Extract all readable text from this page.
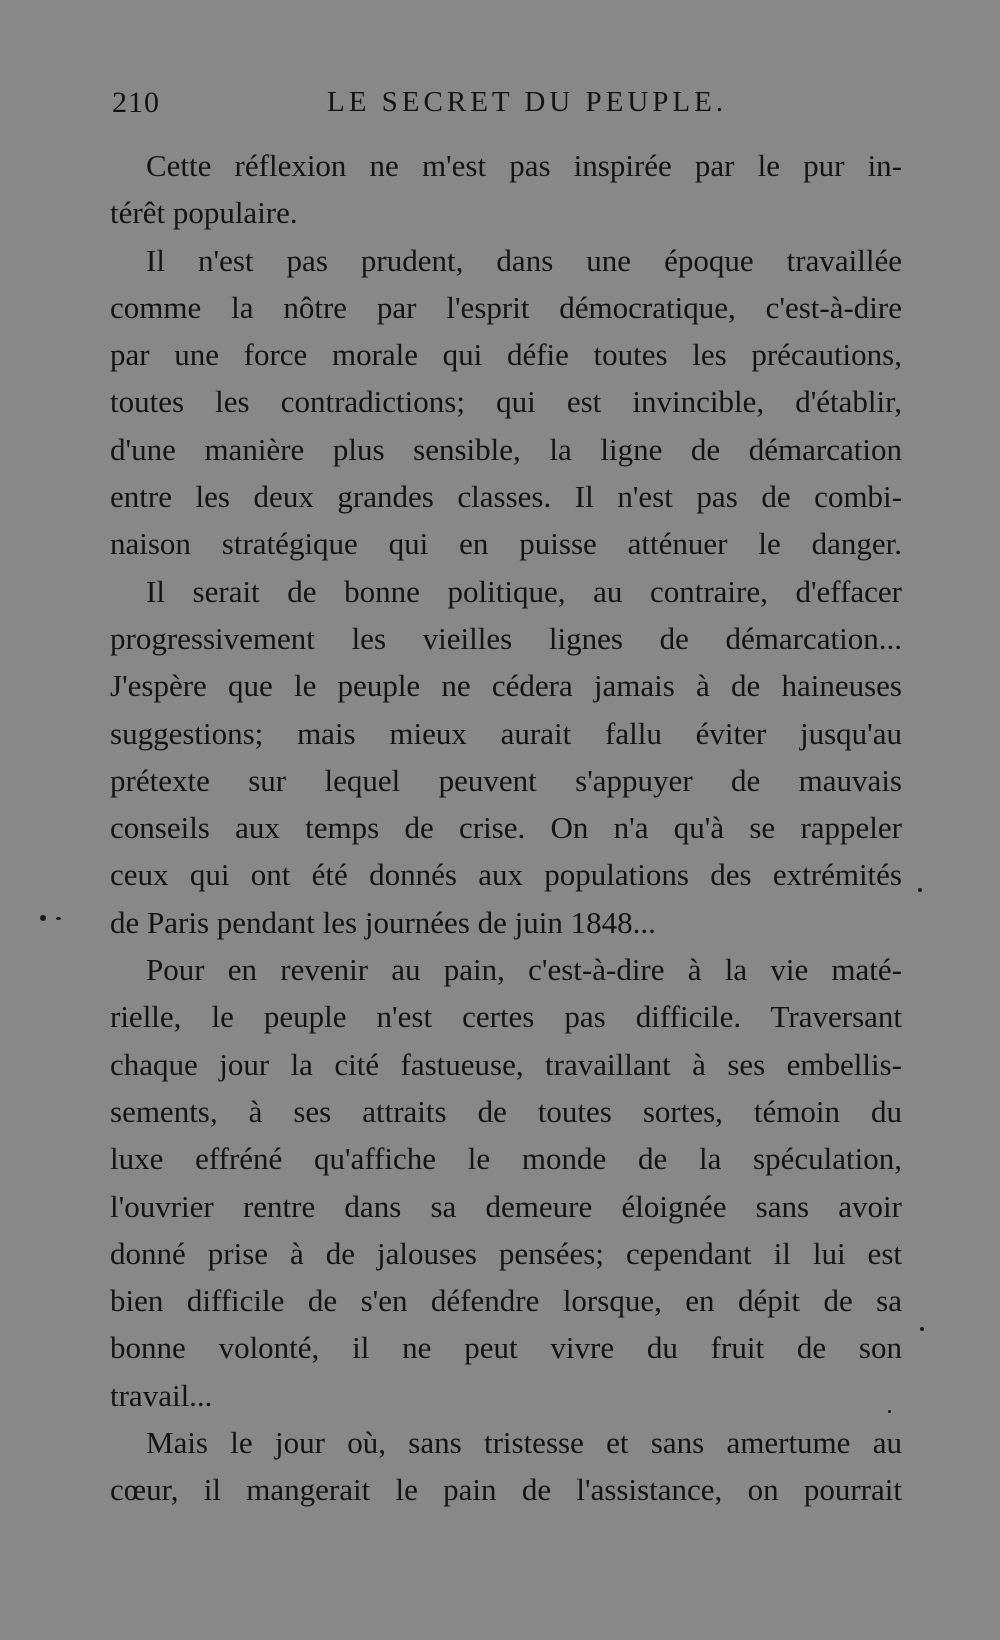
210	LE SECRET DU PEUPLE.
Cette réflexion ne m'est pas inspirée par le pur in-
térêt populaire.
Il n'est pas prudent, dans une époque travaillée
comme la nôtre par l'esprit démocratique, c'est-à-dire
par une force morale qui défie toutes les précautions,
toutes les contradictions; qui est invincible, d'établir,
d'une manière plus sensible, la ligne de démarcation
entre les deux grandes classes. Il n'est pas de combi-
naison stratégique qui en puisse atténuer le danger.
Il serait de bonne politique, au contraire, d'effacer
progressivement les vieilles lignes de démarcation...
J'espère que le peuple ne cédera jamais à de haineuses
suggestions; mais mieux aurait fallu éviter jusqu'au
prétexte sur lequel peuvent s'appuyer de mauvais
conseils aux temps de crise. On n'a qu'à se rappeler
ceux qui ont été donnés aux populations des extrémités
de Paris pendant les journées de juin 1848...
Pour en revenir au pain, c'est-à-dire à la vie maté-
rielle, le peuple n'est certes pas difficile. Traversant
chaque jour la cité fastueuse, travaillant à ses embellis-
sements, à ses attraits de toutes sortes, témoin du
luxe effréné qu'affiche le monde de la spéculation,
l'ouvrier rentre dans sa demeure éloignée sans avoir
donné prise à de jalouses pensées; cependant il lui est
bien difficile de s'en défendre lorsque, en dépit de sa
bonne volonté, il ne peut vivre du fruit de son
travail...
Mais le jour où, sans tristesse et sans amertume au
cœur, il mangerait le pain de l'assistance, on pourrait
